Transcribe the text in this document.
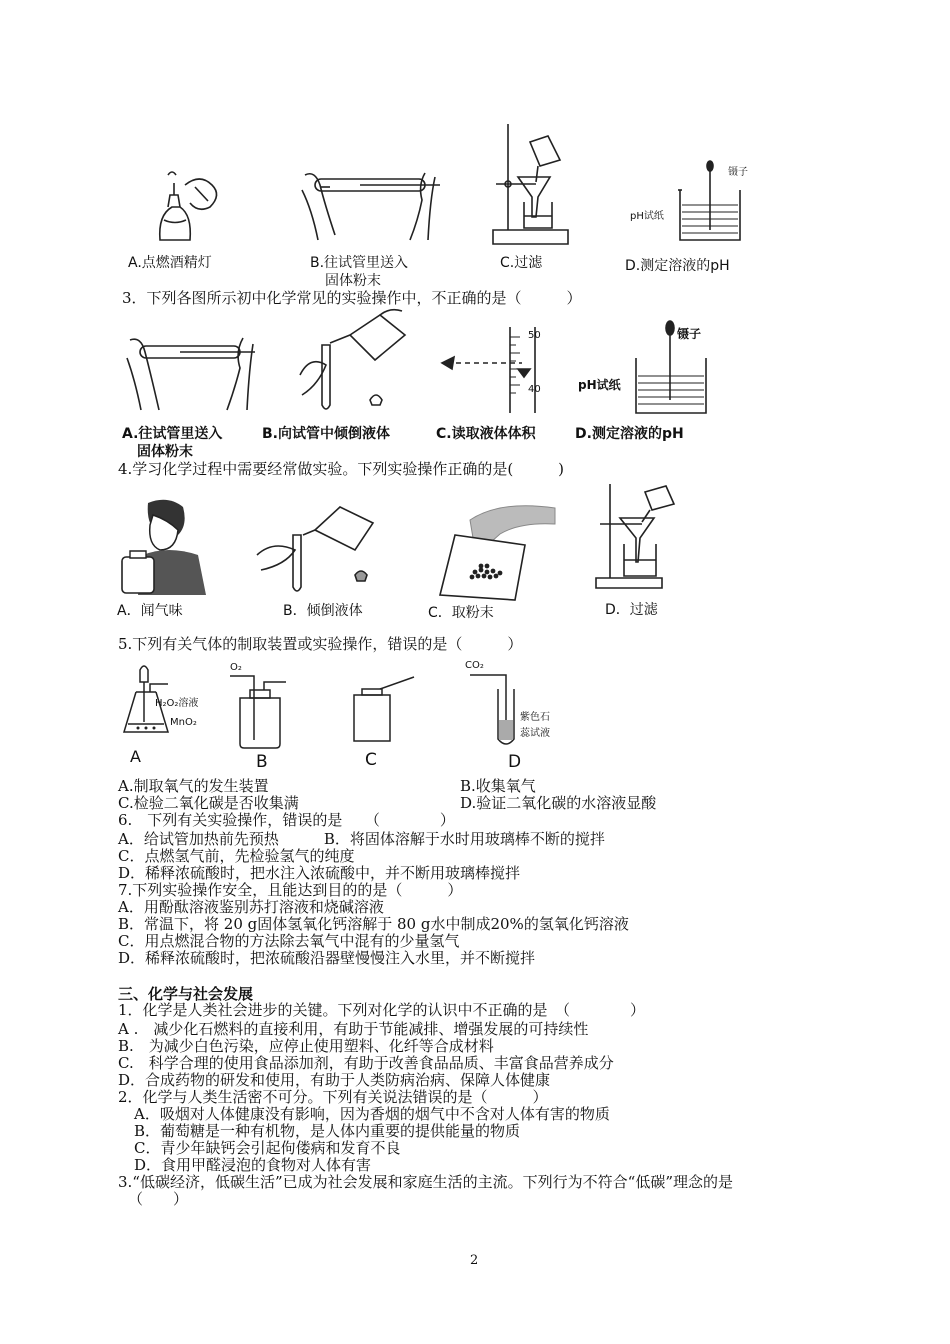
A.点燃酒精灯	B.往试管里送入
固体粉末
C.过滤
镊子
pH试纸
D.测定溶液的pH
3．下列各图所示初中化学常见的实验操作中，不正确的是（　　　）
A.往试管里送入
固体粉末
B.向试管中倾倒液体
50
40
C.读取液体体积
镊子
pH试纸
D.测定溶液的pH
4.学习化学过程中需要经常做实验。下列实验操作正确的是(　　　)
A．闻气味	B．倾倒液体	C．取粉末	D．过滤
5.下列有关气体的制取装置或实验操作，错误的是（　　　）
H₂O₂溶液
MnO₂
A
O₂
B	C
CO₂
紫色石
蕊试液
D
A.制取氧气的发生装置	B.收集氧气
C.检验二氧化碳是否收集满	D.验证二氧化碳的水溶液显酸
6.　下列有关实验操作，错误的是　　（　　　　）
A．给试管加热前先预热　　　B．将固体溶解于水时用玻璃棒不断的搅拌
C．点燃氢气前，先检验氢气的纯度
D．稀释浓硫酸时，把水注入浓硫酸中，并不断用玻璃棒搅拌
7.下列实验操作安全，且能达到目的的是（　　　）
A．用酚酞溶液鉴别苏打溶液和烧碱溶液
B．常温下，将 20 g固体氢氧化钙溶解于 80 g水中制成20%的氢氧化钙溶液
C．用点燃混合物的方法除去氧气中混有的少量氢气
D．稀释浓硫酸时，把浓硫酸沿器壁慢慢注入水里，并不断搅拌
三、化学与社会发展
1．化学是人类社会进步的关键。下列对化学的认识中不正确的是　（　　　　）
A .　减少化石燃料的直接利用，有助于节能减排、增强发展的可持续性
B.　为减少白色污染，应停止使用塑料、化纤等合成材料
C.　科学合理的使用食品添加剂，有助于改善食品品质、丰富食品营养成分
D．合成药物的研发和使用，有助于人类防病治病、保障人体健康
2．化学与人类生活密不可分。下列有关说法错误的是（　　　）
A．吸烟对人体健康没有影响，因为香烟的烟气中不含对人体有害的物质
B．葡萄糖是一种有机物，是人体内重要的提供能量的物质
C．青少年缺钙会引起佝偻病和发育不良
D．食用甲醛浸泡的食物对人体有害
3.“低碳经济，低碳生活”已成为社会发展和家庭生活的主流。下列行为不符合“低碳”理念的是
（　　）
2
